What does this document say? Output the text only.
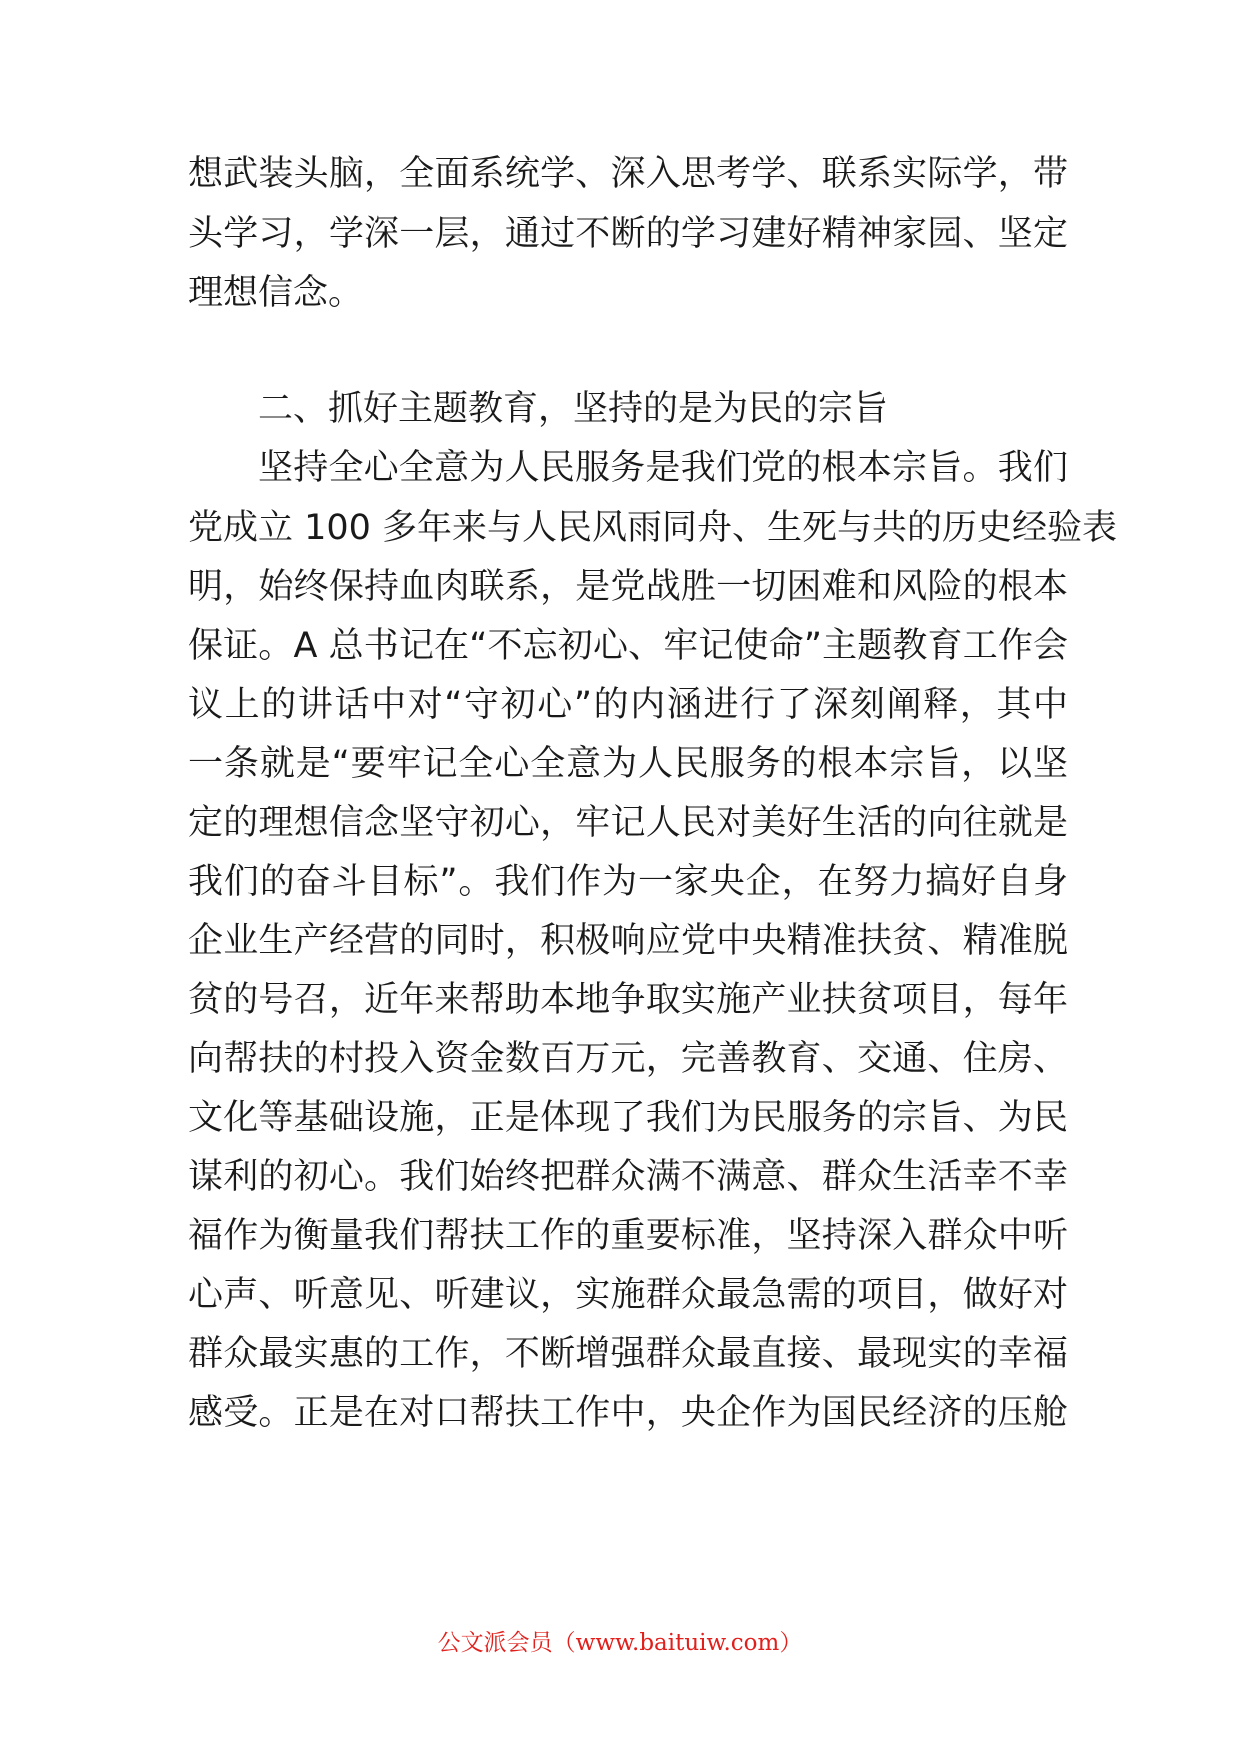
想武装头脑，全面系统学、深入思考学、联系实际学，带
头学习，学深一层，通过不断的学习建好精神家园、坚定
理想信念。
二、抓好主题教育，坚持的是为民的宗旨
坚持全心全意为人民服务是我们党的根本宗旨。我们
党成立 100 多年来与人民风雨同舟、生死与共的历史经验表
明，始终保持血肉联系，是党战胜一切困难和风险的根本
保证。A 总书记在“不忘初心、牢记使命”主题教育工作会
议上的讲话中对“守初心”的内涵进行了深刻阐释，其中
一条就是“要牢记全心全意为人民服务的根本宗旨，以坚
定的理想信念坚守初心，牢记人民对美好生活的向往就是
我们的奋斗目标”。我们作为一家央企，在努力搞好自身
企业生产经营的同时，积极响应党中央精准扶贫、精准脱
贫的号召，近年来帮助本地争取实施产业扶贫项目，每年
向帮扶的村投入资金数百万元，完善教育、交通、住房、
文化等基础设施，正是体现了我们为民服务的宗旨、为民
谋利的初心。我们始终把群众满不满意、群众生活幸不幸
福作为衡量我们帮扶工作的重要标准，坚持深入群众中听
心声、听意见、听建议，实施群众最急需的项目，做好对
群众最实惠的工作，不断增强群众最直接、最现实的幸福
感受。正是在对口帮扶工作中，央企作为国民经济的压舱
公文派会员（www.baituiw.com）
